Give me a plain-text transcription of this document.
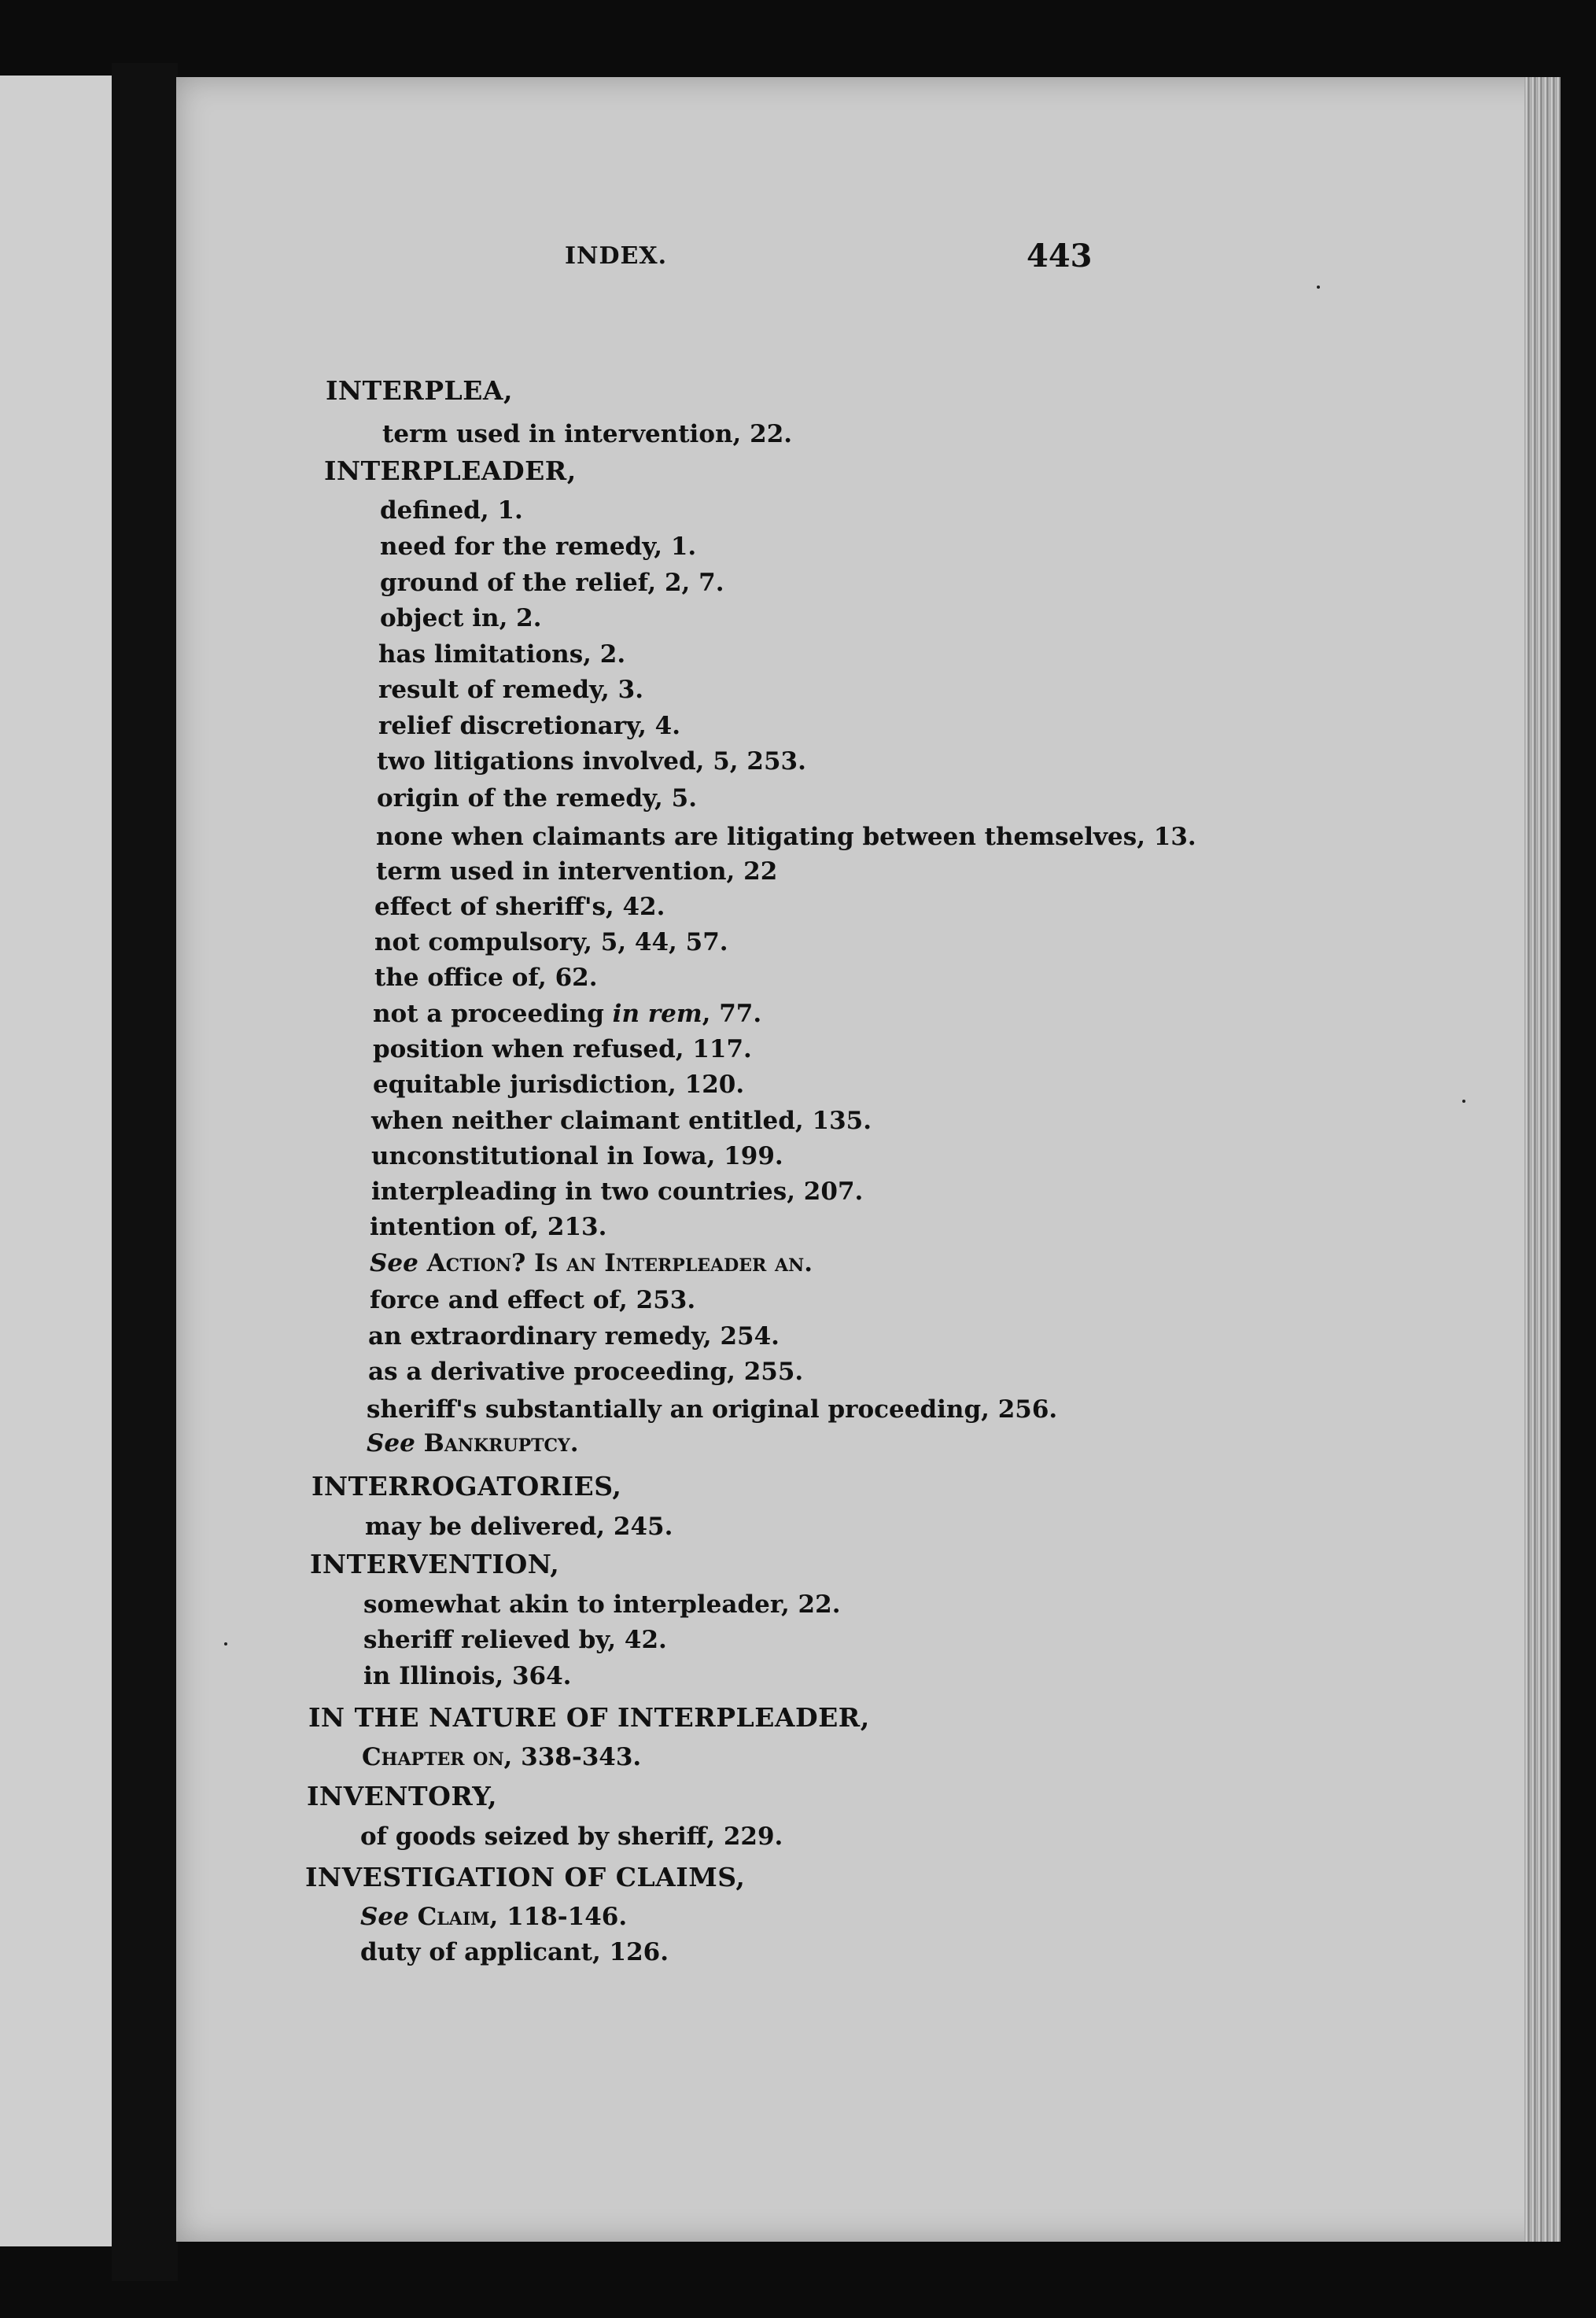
INDEX.	443
INTERPLEA,
term used in intervention, 22.
INTERPLEADER,
defined, 1.
need for the remedy, 1.
ground of the relief, 2, 7.
object in, 2.
has limitations, 2.
result of remedy, 3.
relief discretionary, 4.
two litigations involved, 5, 253.
origin of the remedy, 5.
none when claimants are litigating between themselves, 13.
term used in intervention, 22
effect of sheriff's, 42.
not compulsory, 5, 44, 57.
the office of, 62.
not a proceeding in rem, 77.
position when refused, 117.
equitable jurisdiction, 120.
when neither claimant entitled, 135.
unconstitutional in Iowa, 199.
interpleading in two countries, 207.
intention of, 213.
See Action? Is an Interpleader an.
force and effect of, 253.
an extraordinary remedy, 254.
as a derivative proceeding, 255.
sheriff's substantially an original proceeding, 256.
See Bankruptcy.
INTERROGATORIES,
may be delivered, 245.
INTERVENTION,
somewhat akin to interpleader, 22.
sheriff relieved by, 42.
in Illinois, 364.
IN THE NATURE OF INTERPLEADER,
Chapter on, 338-343.
INVENTORY,
of goods seized by sheriff, 229.
INVESTIGATION OF CLAIMS,
See Claim, 118-146.
duty of applicant, 126.
